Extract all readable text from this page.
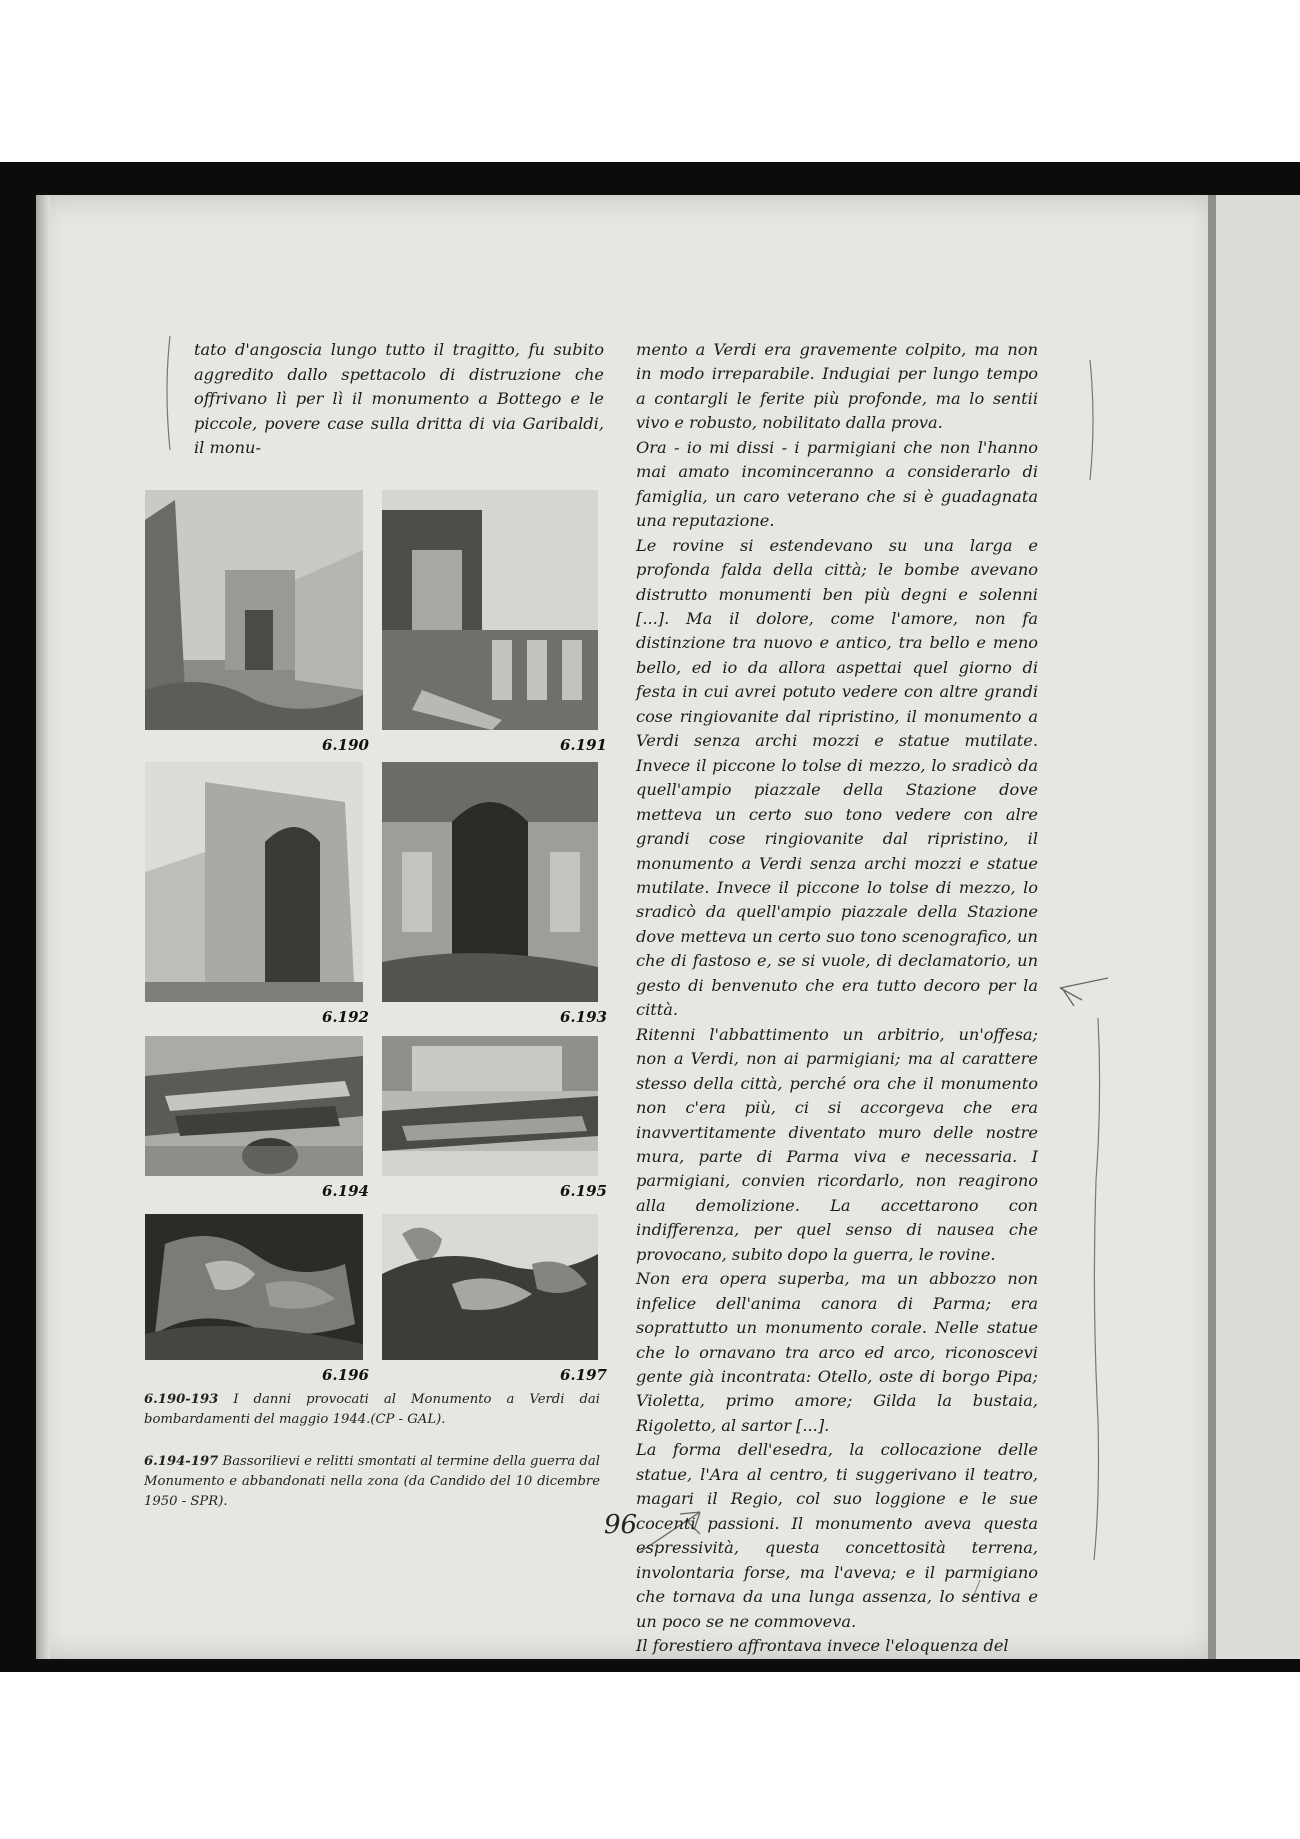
tato d'angoscia lungo tutto il tragitto, fu subito aggredito dallo spettacolo di distruzione che offrivano lì per lì il monumento a Bottego e le piccole, povere case sulla dritta di via Garibaldi, il monu-

mento a Verdi era gravemente colpito, ma non in modo irreparabile. Indugiai per lungo tempo a contargli le ferite più profonde, ma lo sentii vivo e robusto, nobilitato dalla prova.

Ora - io mi dissi - i parmigiani che non l'hanno mai amato incominceranno a considerarlo di famiglia, un caro veterano che si è guadagnata una reputazione.

Le rovine si estendevano su una larga e profonda falda della città; le bombe avevano distrutto monumenti ben più degni e solenni [...]. Ma il dolore, come l'amore, non fa distinzione tra nuovo e antico, tra bello e meno bello, ed io da allora aspettai quel giorno di festa in cui avrei potuto vedere con altre grandi cose ringiovanite dal ripristino, il monumento a Verdi senza archi mozzi e statue mutilate. Invece il piccone lo tolse di mezzo, lo sradicò da quell'ampio piazzale della Stazione dove metteva un certo suo tono vedere con alre grandi cose ringiovanite dal ripristino, il monumento a Verdi senza archi mozzi e statue mutilate. Invece il piccone lo tolse di mezzo, lo sradicò da quell'ampio piazzale della Stazione dove metteva un certo suo tono scenografico, un che di fastoso e, se si vuole, di declamatorio, un gesto di benvenuto che era tutto decoro per la città.

Ritenni l'abbattimento un arbitrio, un'offesa; non a Verdi, non ai parmigiani; ma al carattere stesso della città, perché ora che il monumento non c'era più, ci si accorgeva che era inavvertitamente diventato muro delle nostre mura, parte di Parma viva e necessaria. I parmigiani, convien ricordarlo, non reagirono alla demolizione. La accettarono con indifferenza, per quel senso di nausea che provocano, subito dopo la guerra, le rovine.

Non era opera superba, ma un abbozzo non infelice dell'anima canora di Parma; era soprattutto un monumento corale. Nelle statue che lo ornavano tra arco ed arco, riconoscevi gente già incontrata: Otello, oste di borgo Pipa; Violetta, primo amore; Gilda la bustaia, Rigoletto, al sartor [...].

La forma dell'esedra, la collocazione delle statue, l'Ara al centro, ti suggerivano il teatro, magari il Regio, col suo loggione e le sue cocenti passioni. Il monumento aveva questa espressività, questa concettosità terrena, involontaria forse, ma l'aveva; e il parmigiano che tornava da una lunga assenza, lo sentiva e un poco se ne commoveva.

Il forestiero affrontava invece l'eloquenza del

6.190	6.191
6.192	6.193
6.194	6.195
6.196	6.197
6.190-193 I danni provocati al Monumento a Verdi dai bombardamenti del maggio 1944.(CP - GAL).
6.194-197 Bassorilievi e relitti smontati al termine della guerra dal Monumento e abbandonati nella zona (da Candido del 10 dicembre 1950 - SPR).
96
